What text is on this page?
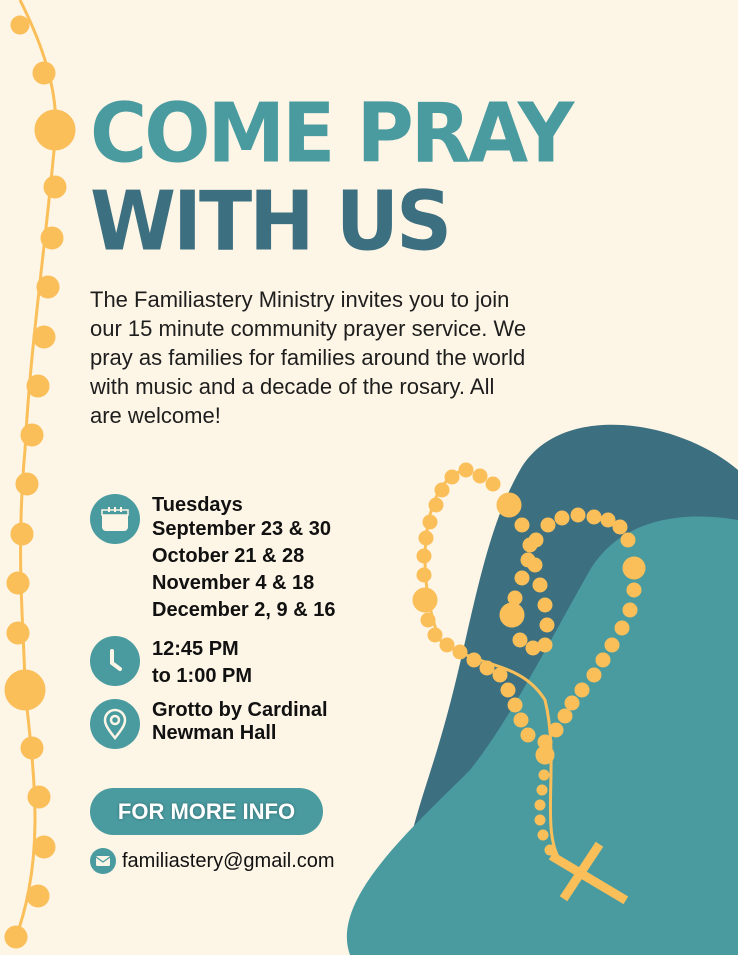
COME PRAY
WITH US
The Familiastery Ministry invites you to join our 15 minute community prayer service. We pray as families for families around the world with music and a decade of the rosary. All are welcome!
Tuesdays
September 23 & 30
October 21 & 28
November 4 & 18
December 2, 9 & 16
12:45 PM
to 1:00 PM
Grotto by Cardinal
Newman Hall
FOR MORE INFO
familiastery@gmail.com
